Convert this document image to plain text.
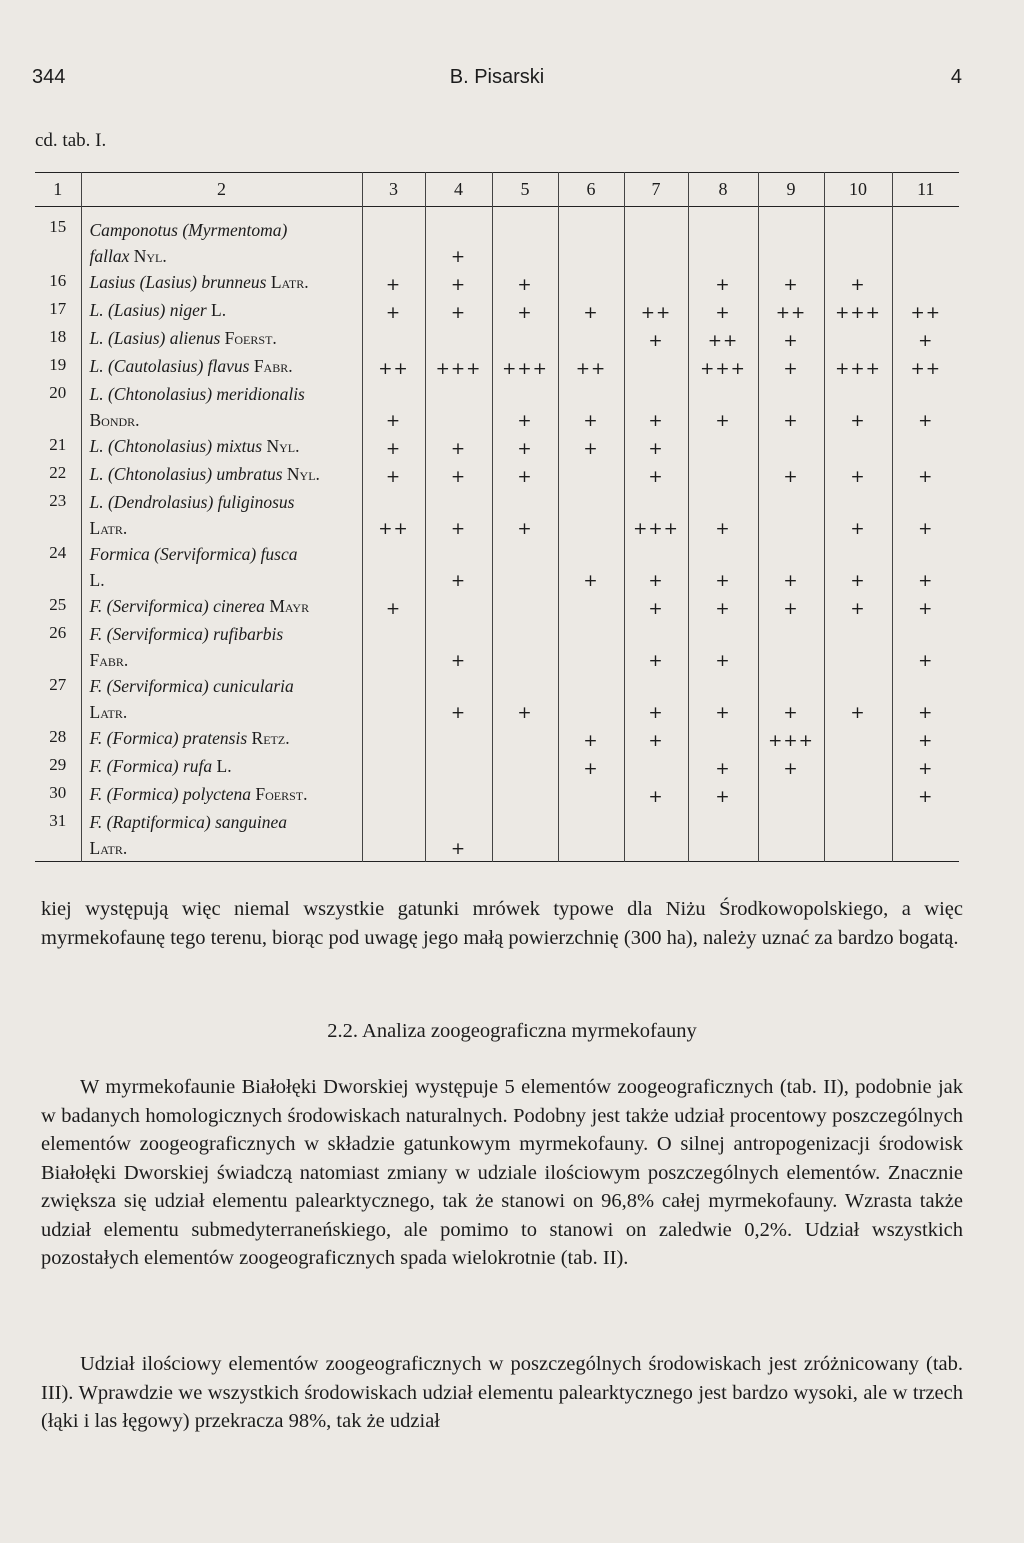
344	B. Pisarski	4
cd. tab. I.
1	2	3	4	5	6	7	8	9	10	11
15	Camponotus (Myrmentoma)
fallax Nyl.		+							
16	Lasius (Lasius) brunneus Latr.	+	+	+			+	+	+	
17	L. (Lasius) niger L.	+	+	+	+	++	+	++	+++	++
18	L. (Lasius) alienus Foerst.					+	++	+		+
19	L. (Cautolasius) flavus Fabr.	++	+++	+++	++		+++	+	+++	++
20	L. (Chtonolasius) meridionalis
Bondr.	+		+	+	+	+	+	+	+
21	L. (Chtonolasius) mixtus Nyl.	+	+	+	+	+				
22	L. (Chtonolasius) umbratus Nyl.	+	+	+		+		+	+	+
23	L. (Dendrolasius) fuliginosus
Latr.	++	+	+		+++	+		+	+
24	Formica (Serviformica) fusca
L.		+		+	+	+	+	+	+
25	F. (Serviformica) cinerea Mayr	+				+	+	+	+	+
26	F. (Serviformica) rufibarbis
Fabr.		+			+	+			+
27	F. (Serviformica) cunicularia
Latr.		+	+		+	+	+	+	+
28	F. (Formica) pratensis Retz.				+	+		+++		+
29	F. (Formica) rufa L.				+		+	+		+
30	F. (Formica) polyctena Foerst.					+	+			+
31	F. (Raptiformica) sanguinea
Latr.		+							
kiej występują więc niemal wszystkie gatunki mrówek typowe dla Niżu Środkowopolskiego, a więc myrmekofaunę tego terenu, biorąc pod uwagę jego małą powierzchnię (300 ha), należy uznać za bardzo bogatą.
2.2. Analiza zoogeograficzna myrmekofauny
W myrmekofaunie Białołęki Dworskiej występuje 5 elementów zoogeograficznych (tab. II), podobnie jak w badanych homologicznych środowiskach naturalnych. Podobny jest także udział procentowy poszczególnych elementów zoogeograficznych w składzie gatunkowym myrmekofauny. O silnej antropogenizacji środowisk Białołęki Dworskiej świadczą natomiast zmiany w udziale ilościowym poszczególnych elementów. Znacznie zwiększa się udział elementu palearktycznego, tak że stanowi on 96,8% całej myrmekofauny. Wzrasta także udział elementu submedyterraneńskiego, ale pomimo to stanowi on zaledwie 0,2%. Udział wszystkich pozostałych elementów zoogeograficznych spada wielokrotnie (tab. II).
Udział ilościowy elementów zoogeograficznych w poszczególnych środowiskach jest zróżnicowany (tab. III). Wprawdzie we wszystkich środowiskach udział elementu palearktycznego jest bardzo wysoki, ale w trzech (łąki i las łęgowy) przekracza 98%, tak że udział
